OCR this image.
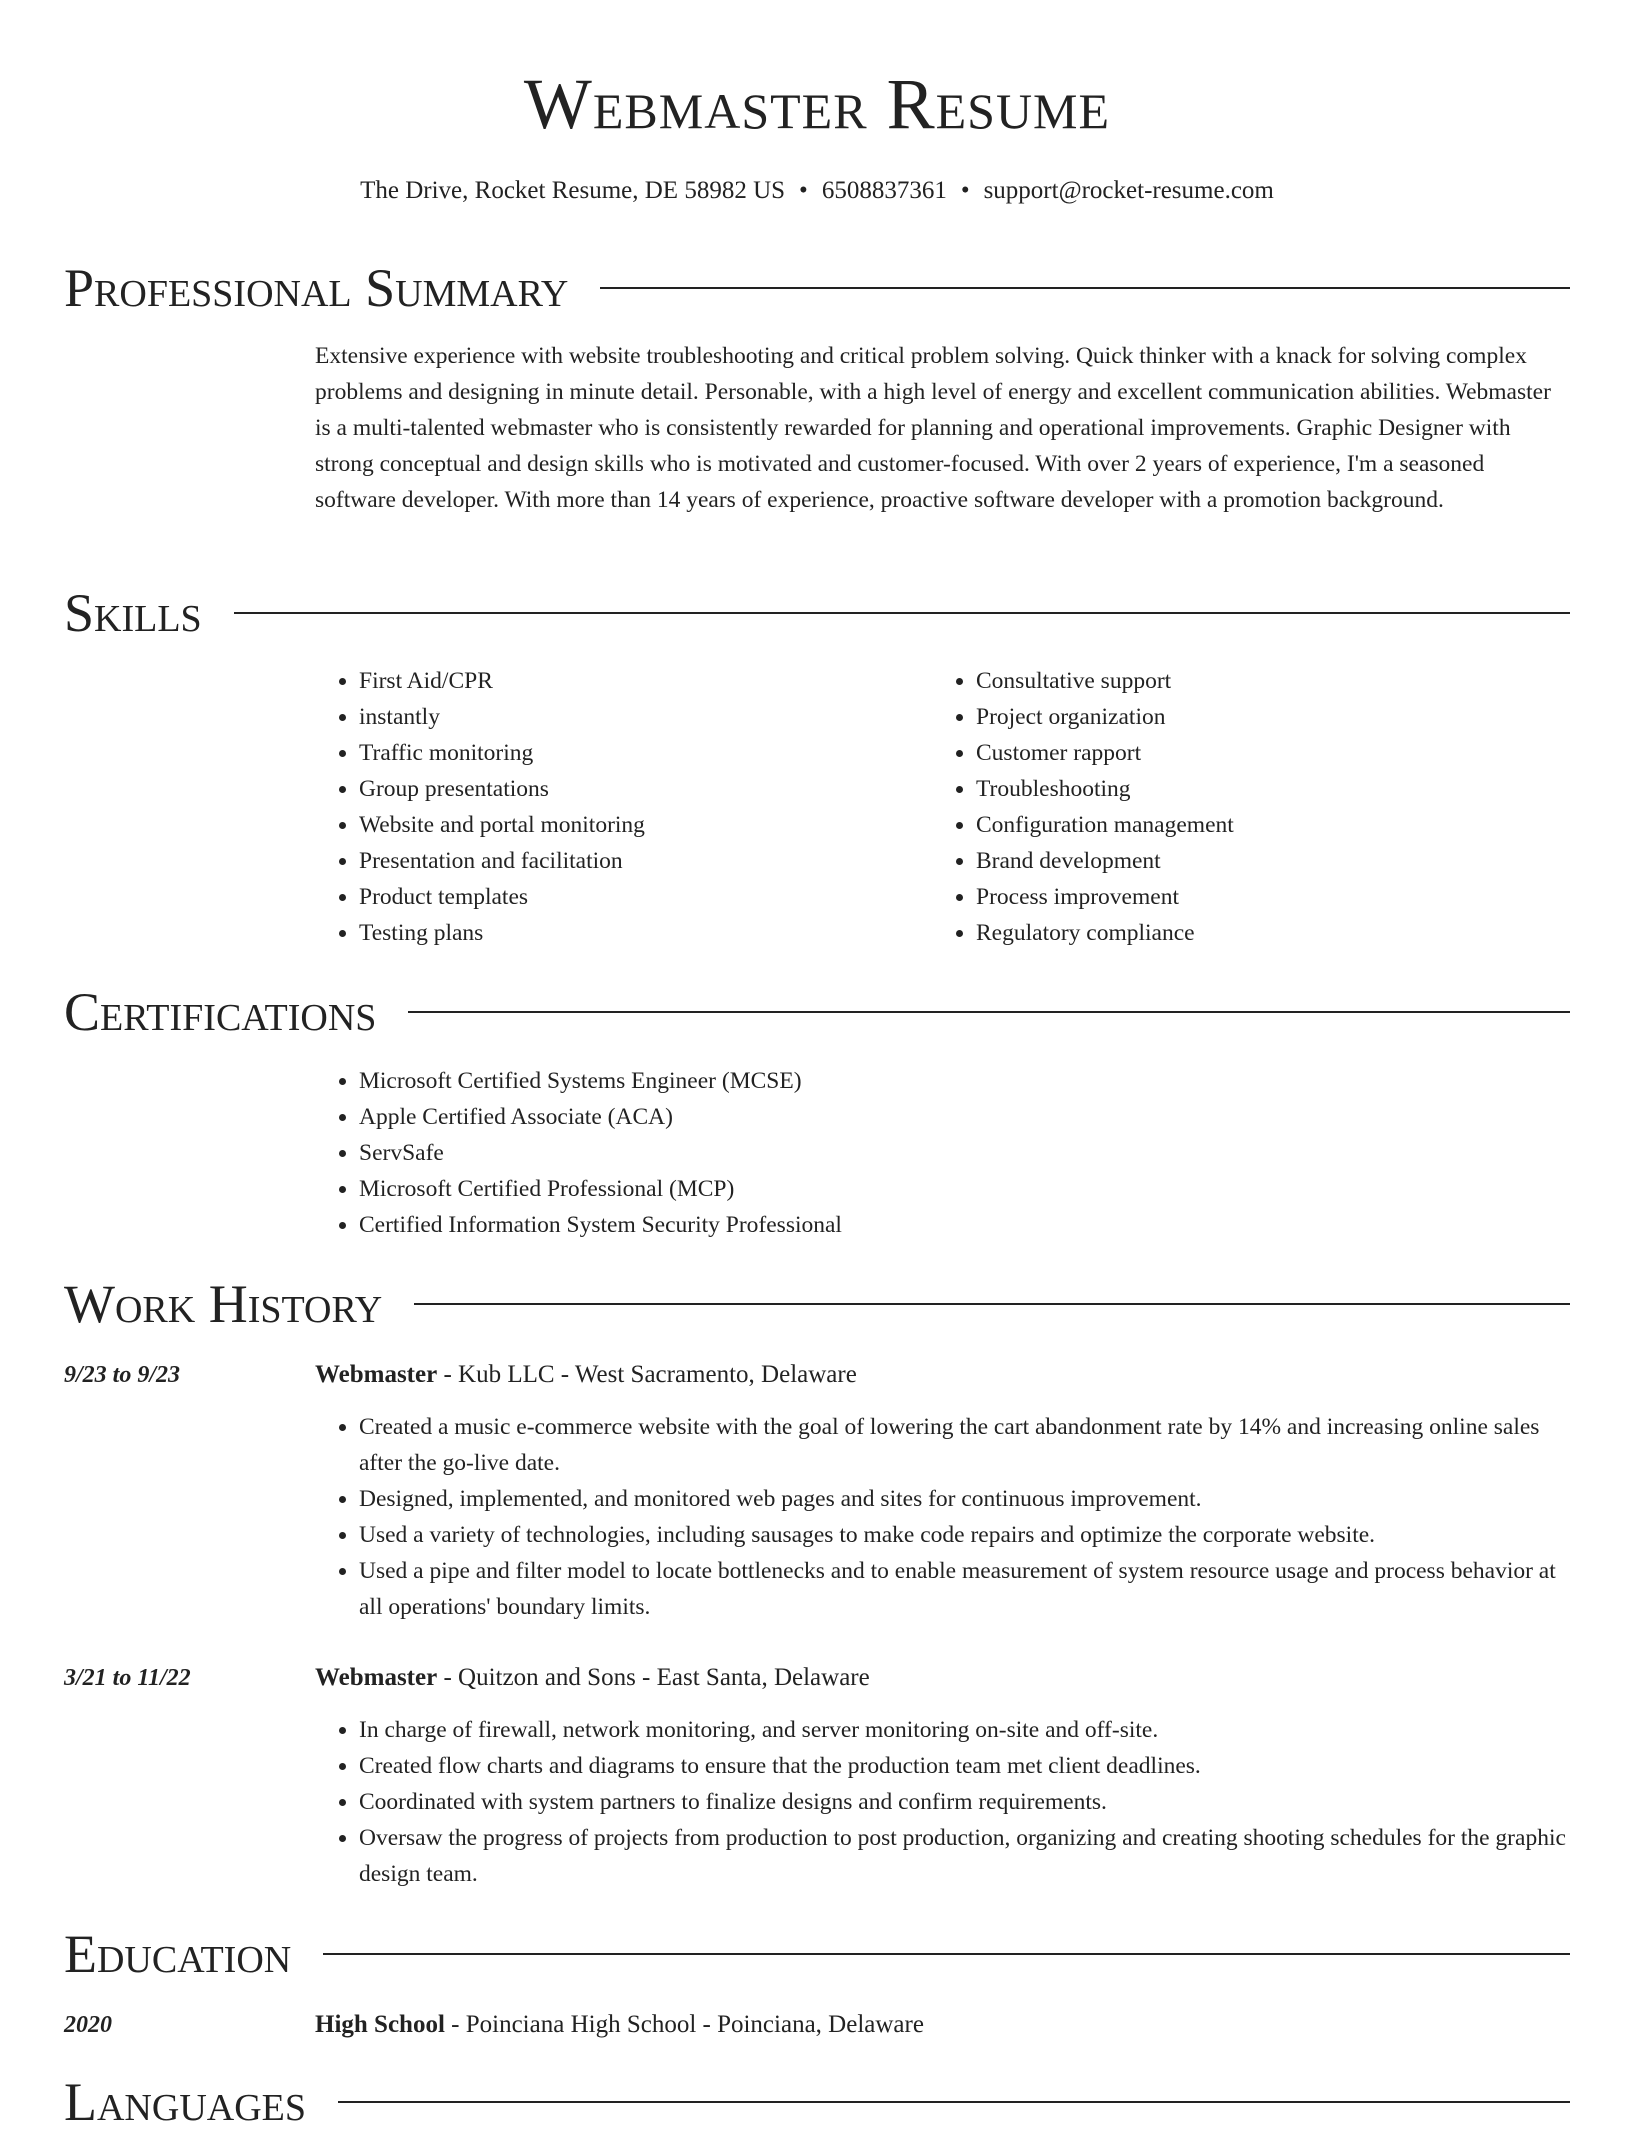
Webmaster Resume
The Drive, Rocket Resume, DE 58982 US • 6508837361 • support@rocket-resume.com
Professional Summary

Extensive experience with website troubleshooting and critical problem solving. Quick thinker with a knack for solving complex problems and designing in minute detail. Personable, with a high level of energy and excellent communication abilities. Webmaster is a multi-talented webmaster who is consistently rewarded for planning and operational improvements. Graphic Designer with strong conceptual and design skills who is motivated and customer-focused. With over 2 years of experience, I'm a seasoned software developer. With more than 14 years of experience, proactive software developer with a promotion background.

Skills
• First Aid/CPR
• instantly
• Traffic monitoring
• Group presentations
• Website and portal monitoring
• Presentation and facilitation
• Product templates
• Testing plans
• Consultative support
• Project organization
• Customer rapport
• Troubleshooting
• Configuration management
• Brand development
• Process improvement
• Regulatory compliance
Certifications
• Microsoft Certified Systems Engineer (MCSE)
• Apple Certified Associate (ACA)
• ServSafe
• Microsoft Certified Professional (MCP)
• Certified Information System Security Professional
Work History
9/23 to 9/23	Webmaster - Kub LLC - West Sacramento, Delaware
• Created a music e-commerce website with the goal of lowering the cart abandonment rate by 14% and increasing online sales after the go-live date.
• Designed, implemented, and monitored web pages and sites for continuous improvement.
• Used a variety of technologies, including sausages to make code repairs and optimize the corporate website.
• Used a pipe and filter model to locate bottlenecks and to enable measurement of system resource usage and process behavior at all operations' boundary limits.
3/21 to 11/22	Webmaster - Quitzon and Sons - East Santa, Delaware
• In charge of firewall, network monitoring, and server monitoring on-site and off-site.
• Created flow charts and diagrams to ensure that the production team met client deadlines.
• Coordinated with system partners to finalize designs and confirm requirements.
• Oversaw the progress of projects from production to post production, organizing and creating shooting schedules for the graphic design team.
Education
2020	High School - Poinciana High School - Poinciana, Delaware
Languages
